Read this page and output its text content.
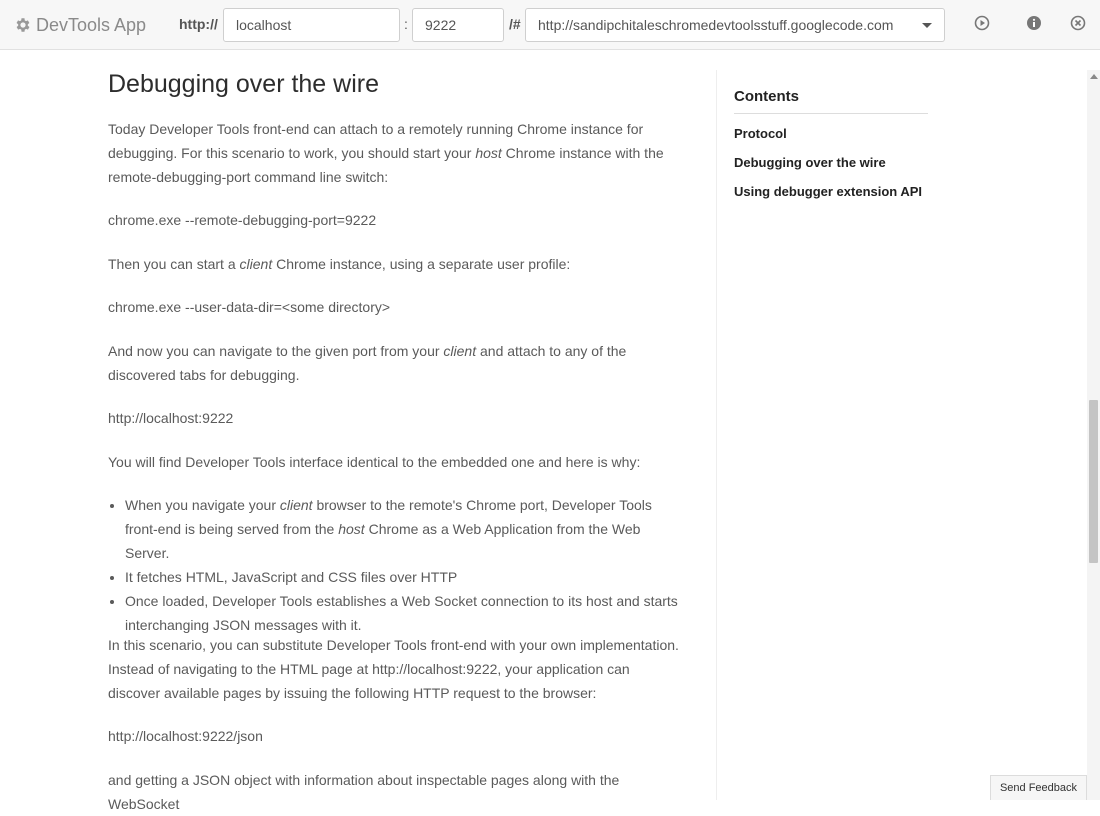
DevTools App http://
localhost	:
9222	/#
http://sandipchitaleschromedevtoolsstuff.googlecode.com
Debugging over the wire

Today Developer Tools front-end can attach to a remotely running Chrome instance for debugging. For this scenario to work, you should start your host Chrome instance with the remote-debugging-port command line switch:

chrome.exe --remote-debugging-port=9222

Then you can start a client Chrome instance, using a separate user profile:

chrome.exe --user-data-dir=<some directory>

And now you can navigate to the given port from your client and attach to any of the discovered tabs for debugging.

http://localhost:9222

You will find Developer Tools interface identical to the embedded one and here is why:

• When you navigate your client browser to the remote's Chrome port, Developer Tools front-end is being served from the host Chrome as a Web Application from the Web Server.
• It fetches HTML, JavaScript and CSS files over HTTP
• Once loaded, Developer Tools establishes a Web Socket connection to its host and starts interchanging JSON messages with it.

In this scenario, you can substitute Developer Tools front-end with your own implementation. Instead of navigating to the HTML page at http://localhost:9222, your application can discover available pages by issuing the following HTTP request to the browser:

http://localhost:9222/json

and getting a JSON object with information about inspectable pages along with the WebSocket

Contents
Protocol
Debugging over the wire
Using debugger extension API
Send Feedback
